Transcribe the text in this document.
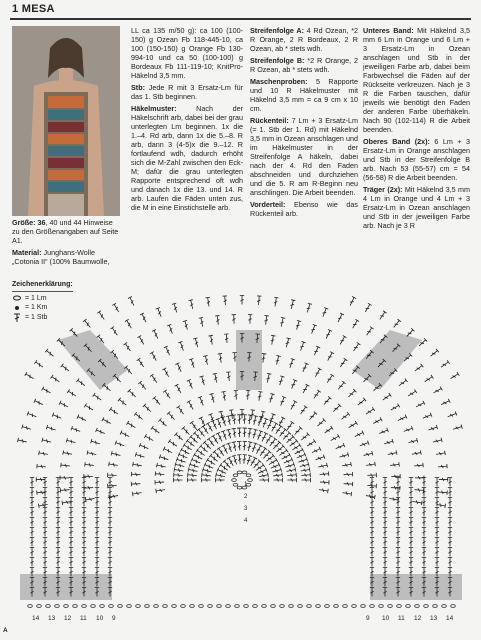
1 MESA

Größe: 36, 40 und 44 Hinweise zu den Größenangaben auf Seite A1.

Material: Junghans-Wolle „Cotonia II“ (100% Baumwolle,

LL ca 135 m/50 g): ca 100 (100-150) g Ozean Fb 118-445-10, ca 100 (150-150) g Orange Fb 130-994-10 und ca 50 (100-100) g Bordeaux Fb 111-119-10; KnitPro-Häkelnd 3,5 mm.

Stb: Jede R mit 3 Ersatz-Lm für das 1. Stb beginnen.

Häkelmuster: Nach der Häkelschrift arb, dabei bei der grau unterlegten Lm beginnen. 1x die 1.–4. Rd arb, dann 1x die 5.–8. R arb, dann 3 (4-5)x die 9.–12. R fortlaufend wdh, dadurch erhöht sich die M-Zahl zwischen den Eck-M; dafür die grau unterlegten Rapporte entsprechend oft wdh und danach 1x die 13. und 14. R arb. Laufen die Fäden unten zus, die M in eine Einstichstelle arb.

Streifenfolge A: 4 Rd Ozean, *2 R Orange, 2 R Bordeaux, 2 R Ozean, ab * stets wdh.

Streifenfolge B: *2 R Orange, 2 R Ozean, ab * stets wdh.

Maschenproben: 5 Rapporte und 10 R Häkelmuster mit Häkelnd 3,5 mm = ca 9 cm x 10 cm.

Rückenteil: 7 Lm + 3 Ersatz-Lm (= 1. Stb der 1. Rd) mit Häkelnd 3,5 mm in Ozean anschlagen und im Häkelmuster in der Streifenfolge A häkeln, dabei nach der 4. Rd den Faden abschneiden und durchziehen und die 5. R am R-Beginn neu anschlingen. Die Arbeit beenden.

Vorderteil: Ebenso wie das Rückenteil arb.

Unteres Band: Mit Häkelnd 3,5 mm 6 Lm in Orange und 6 Lm + 3 Ersatz-Lm in Ozean anschlagen und Stb in der jeweiligen Farbe arb, dabei beim Farbwechsel die Fäden auf der Rückseite verkreuzen. Nach je 3 R die Farben tauschen, dafür jeweils wie benötigt den Faden der anderen Farbe überhäkeln. Nach 90 (102-114) R die Arbeit beenden.

Oberes Band (2x): 6 Lm + 3 Ersatz-Lm in Orange anschlagen und Stb in der Streifenfolge B arb. Nach 53 (55-57) cm = 54 (56-58) R die Arbeit beenden.

Träger (2x): Mit Häkelnd 3,5 mm 4 Lm in Orange und 4 Lm + 3 Ersatz-Lm in Ozean anschlagen und Stb in der jeweiligen Farbe arb. Nach je 3 R

Zeichenerklärung:
= 1 Lm
= 1 Km
= 1 Stb
14 13 12 11 10 9	9 10 11 12 13 14
1
2
3
4
A
